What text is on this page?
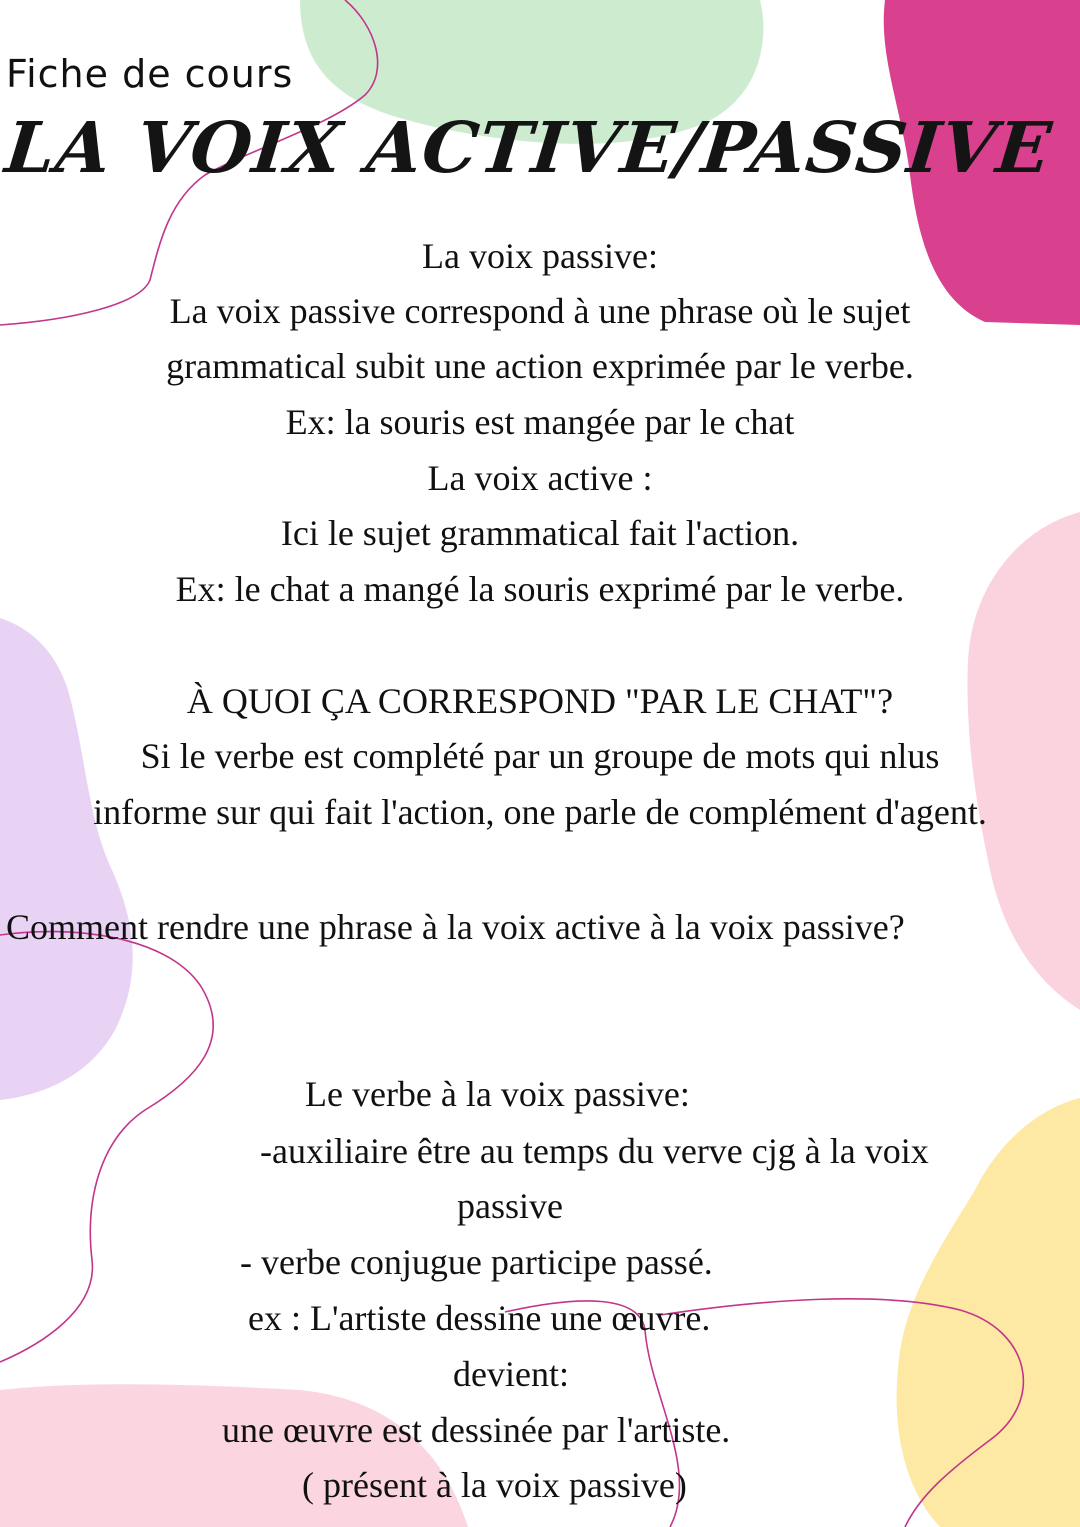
Fiche de cours
LA VOIX ACTIVE/PASSIVE
La voix passive:
La voix passive correspond à une phrase où le sujet
grammatical subit une action exprimée par le verbe.
Ex: la souris est mangée par le chat
La voix active :
Ici le sujet grammatical fait l'action.
Ex: le chat a mangé la souris exprimé par le verbe.
À QUOI ÇA CORRESPOND "PAR LE CHAT"?
Si le verbe est complété par un groupe de mots qui nlus
informe sur qui fait l'action, one parle de complément d'agent.
Comment rendre une phrase à la voix active à la voix passive?
Le verbe à la voix passive:
-auxiliaire être au temps du verve cjg à la voix
passive
- verbe conjugue participe passé.
ex : L'artiste dessine une œuvre.
devient:
une œuvre est dessinée par l'artiste.
( présent à la voix passive)
